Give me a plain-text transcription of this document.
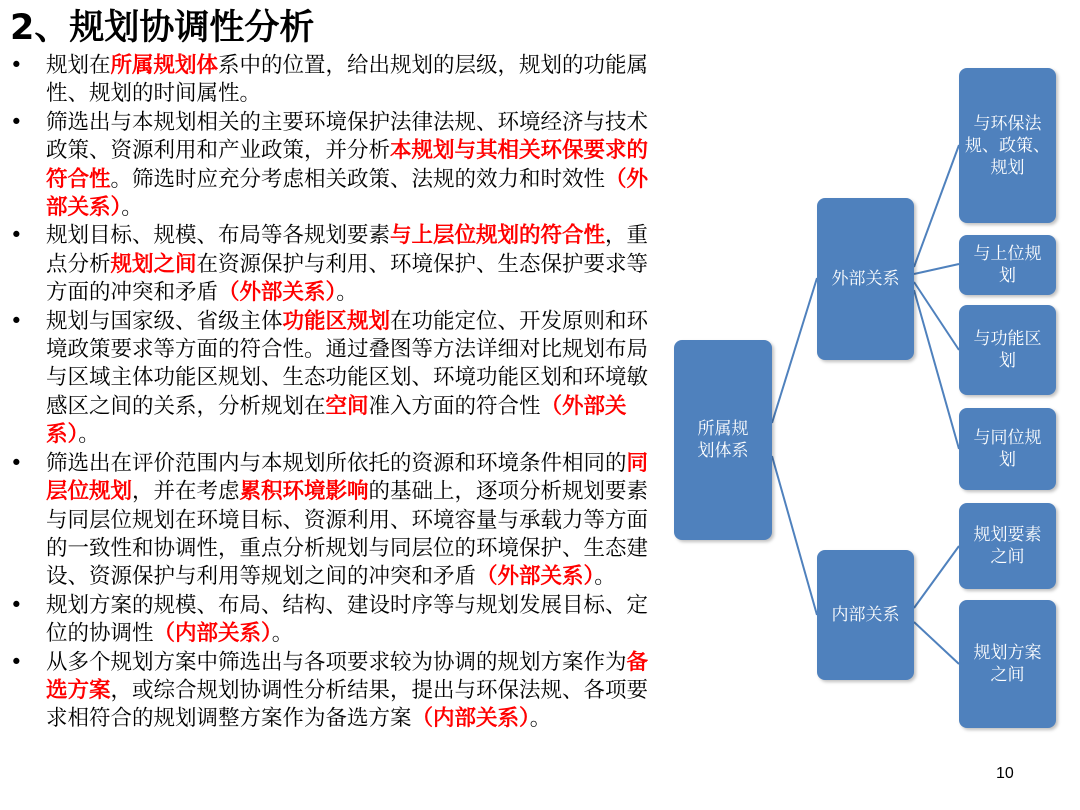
2、规划协调性分析
• 规划在所属规划体系中的位置，给出规划的层级，规划的功能属性、规划的时间属性。
• 筛选出与本规划相关的主要环境保护法律法规、环境经济与技术政策、资源利用和产业政策，并分析本规划与其相关环保要求的符合性。筛选时应充分考虑相关政策、法规的效力和时效性（外部关系）。
• 规划目标、规模、布局等各规划要素与上层位规划的符合性，重点分析规划之间在资源保护与利用、环境保护、生态保护要求等方面的冲突和矛盾（外部关系）。
• 规划与国家级、省级主体功能区规划在功能定位、开发原则和环境政策要求等方面的符合性。通过叠图等方法详细对比规划布局与区域主体功能区规划、生态功能区划、环境功能区划和环境敏感区之间的关系，分析规划在空间准入方面的符合性（外部关系）。
• 筛选出在评价范围内与本规划所依托的资源和环境条件相同的同层位规划，并在考虑累积环境影响的基础上，逐项分析规划要素与同层位规划在环境目标、资源利用、环境容量与承载力等方面的一致性和协调性，重点分析规划与同层位的环境保护、生态建设、资源保护与利用等规划之间的冲突和矛盾（外部关系）。
• 规划方案的规模、布局、结构、建设时序等与规划发展目标、定位的协调性（内部关系）。
• 从多个规划方案中筛选出与各项要求较为协调的规划方案作为备选方案，或综合规划协调性分析结果，提出与环保法规、各项要求相符合的规划调整方案作为备选方案（内部关系）。
所属规划体系
外部关系
内部关系
与环保法规、政策、规划
与上位规划
与功能区划
与同位规划
规划要素之间
规划方案之间
10
